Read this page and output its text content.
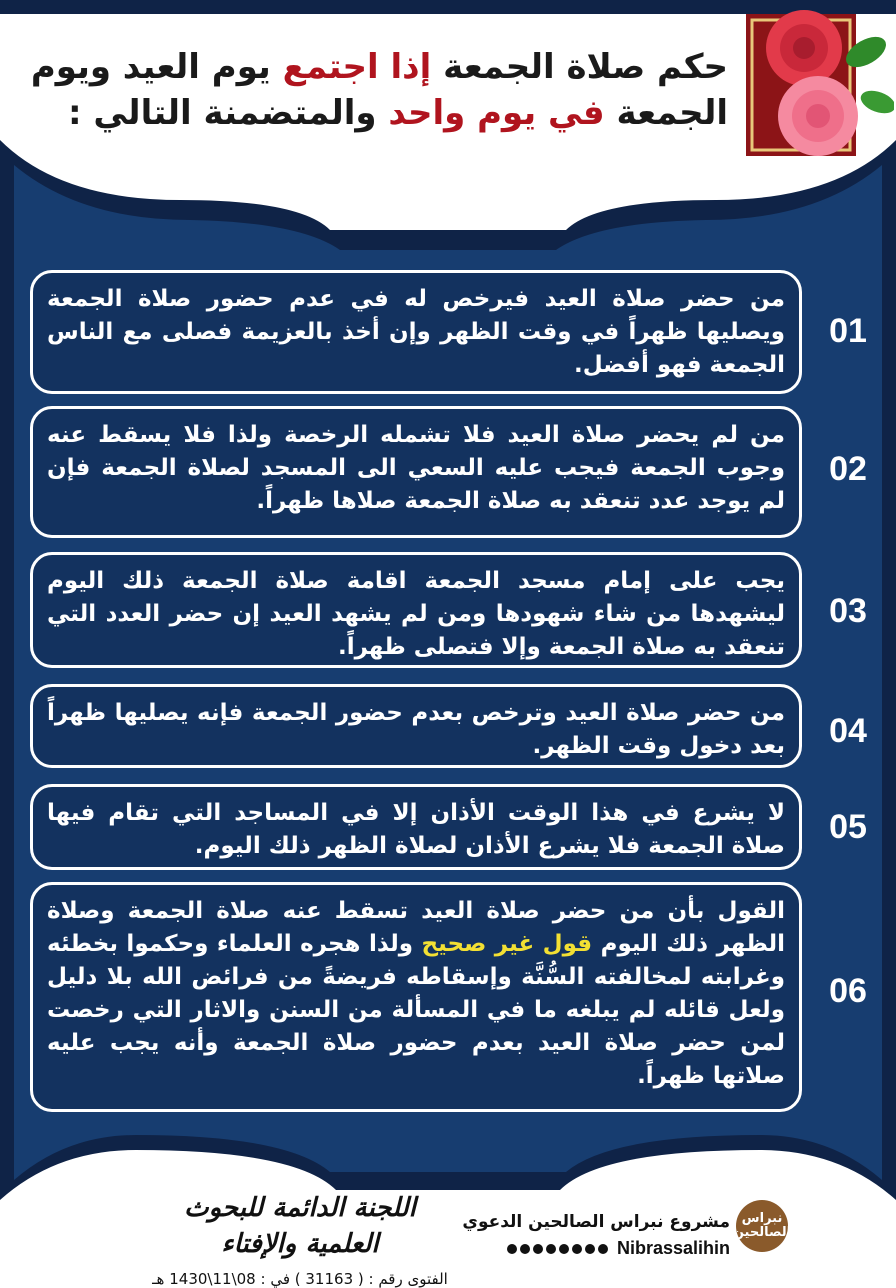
حكم صلاة الجمعة إذا اجتمع يوم العيد ويوم الجمعة في يوم واحد والمتضمنة التالي :
من حضر صلاة العيد فيرخص له في عدم حضور صلاة الجمعة ويصليها ظهراً في وقت الظهر وإن أخذ بالعزيمة فصلى مع الناس الجمعة فهو أفضل.
01
من لم يحضر صلاة العيد فلا تشمله الرخصة ولذا فلا يسقط عنه وجوب الجمعة فيجب عليه السعي الى المسجد لصلاة الجمعة فإن لم يوجد عدد تنعقد به صلاة الجمعة صلاها ظهراً.
02
يجب على إمام مسجد الجمعة اقامة صلاة الجمعة ذلك اليوم ليشهدها من شاء شهودها ومن لم يشهد العيد إن حضر العدد التي تنعقد به صلاة الجمعة وإلا فتصلى ظهراً.
03
من حضر صلاة العيد وترخص بعدم حضور الجمعة فإنه يصليها ظهراً بعد دخول وقت الظهر.	04
لا يشرع في هذا الوقت الأذان إلا في المساجد التي تقام فيها صلاة الجمعة فلا يشرع الأذان لصلاة الظهر ذلك اليوم.	05
القول بأن من حضر صلاة العيد تسقط عنه صلاة الجمعة وصلاة الظهر ذلك اليوم قول غير صحيح ولذا هجره العلماء وحكموا بخطئه وغرابته لمخالفته السُّنَّة وإسقاطه فريضةً من فرائض الله بلا دليل ولعل قائله لم يبلغه ما في المسألة من السنن والاثار التي رخصت لمن حضر صلاة العيد بعدم حضور صلاة الجمعة وأنه يجب عليه صلاتها ظهراً.
06
اللجنة الدائمة للبحوث العلمية والإفتاء
الفتوى رقم : ( 31163 ) في : 08\11\1430 هـ
مشروع نبراس الصالحين الدعوي
Nibrassalihin
نبراس الصالحين
